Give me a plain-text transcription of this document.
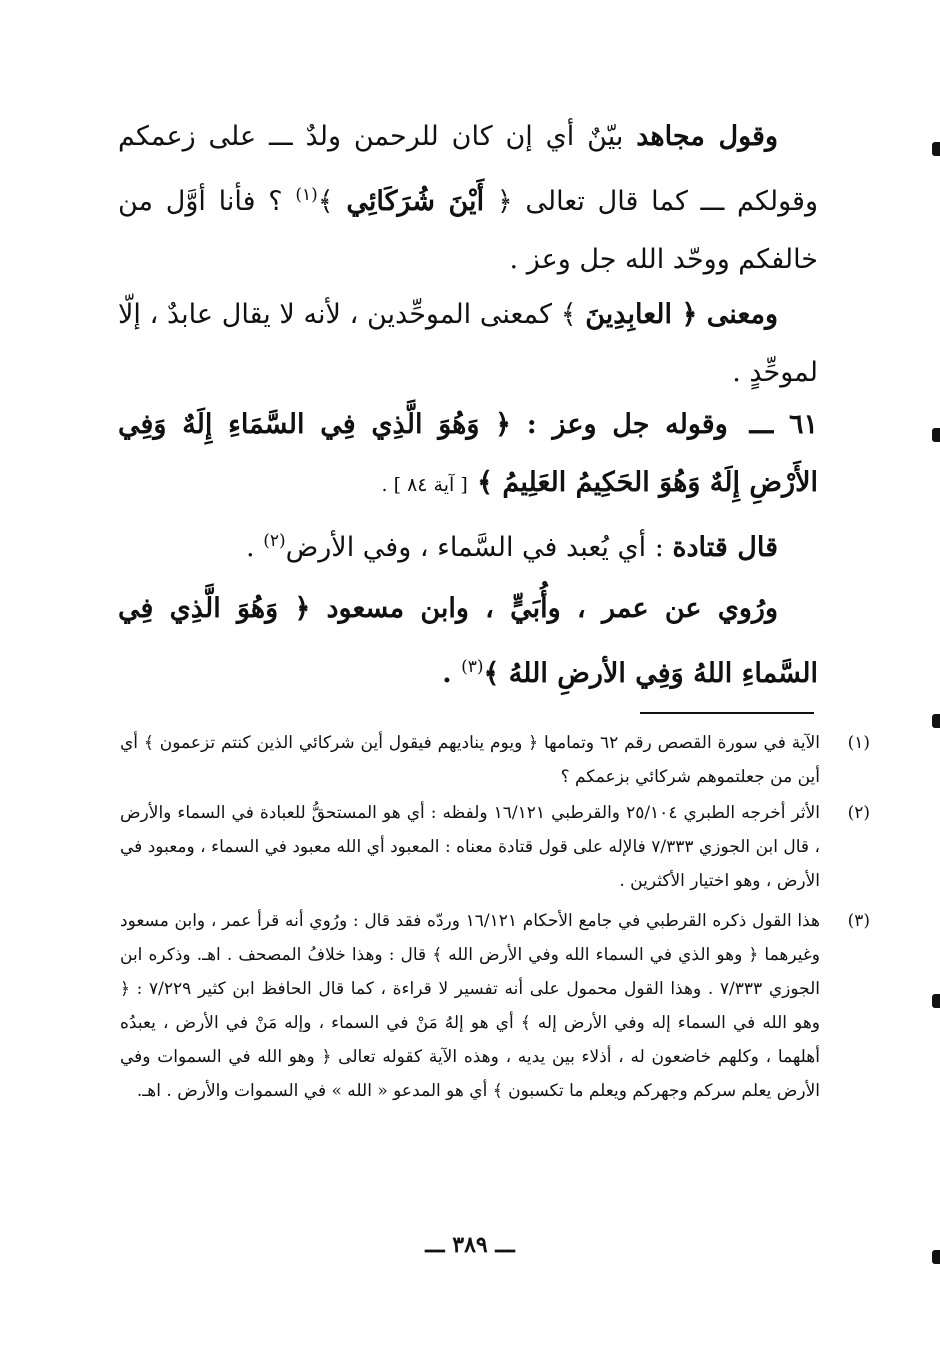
وقول مجاهد بيّنٌ أي إن كان للرحمن ولدٌ ـــ على زعمكم وقولكم ـــ كما قال تعالى ﴿ أَيْنَ شُرَكَائِي ﴾$^{(١)}$ ؟ فأنا أوَّل من خالفكم ووحّد الله جل وعز .
ومعنى ﴿ العابِدِينَ ﴾ كمعنى الموحِّدين ، لأنه لا يقال عابدٌ ، إلّا لموحِّدٍ .
٦١ ـــ وقوله جل وعز : ﴿ وَهُوَ الَّذِي فِي السَّمَاءِ إِلَهٌ وَفِي الأَرْضِ إِلَهٌ وَهُوَ الحَكِيمُ العَلِيمُ ﴾ [ آية ٨٤ ] .
قال قتادة : أي يُعبد في السَّماء ، وفي الأرض$^{(٢)}$ .
ورُوي عن عمر ، وأُبَيٍّ ، وابن مسعود ﴿ وَهُوَ الَّذِي فِي السَّماءِ اللهُ وَفِي الأرضِ اللهُ ﴾$^{(٣)}$ .
(١)
الآية في سورة القصص رقم ٦٢ وتمامها ﴿ ويوم يناديهم فيقول أين شركائي الذين كنتم تزعمون ﴾ أي أين من جعلتموهم شركائي بزعمكم ؟
(٢)
الأثر أخرجه الطبري ٢٥/١٠٤ والقرطبي ١٦/١٢١ ولفظه : أي هو المستحقُّ للعبادة في السماء والأرض ، قال ابن الجوزي ٧/٣٣٣ فالإله على قول قتادة معناه : المعبود أي الله معبود في السماء ، ومعبود في الأرض ، وهو اختيار الأكثرين .
(٣)
هذا القول ذكره القرطبي في جامع الأحكام ١٦/١٢١ وردّه فقد قال : ورُوي أنه قرأ عمر ، وابن مسعود وغيرهما ﴿ وهو الذي في السماء الله وفي الأرض الله ﴾ قال : وهذا خلافُ المصحف . اهـ. وذكره ابن الجوزي ٧/٣٣٣ . وهذا القول محمول على أنه تفسير لا قراءة ، كما قال الحافظ ابن كثير ٧/٢٢٩ : ﴿ وهو الله في السماء إله وفي الأرض إله ﴾ أي هو إلهُ مَنْ في السماء ، وإله مَنْ في الأرض ، يعبدُه أهلهما ، وكلهم خاضعون له ، أذلاء بين يديه ، وهذه الآية كقوله تعالى ﴿ وهو الله في السموات وفي الأرض يعلم سركم وجهركم ويعلم ما تكسبون ﴾ أي هو المدعو « الله » في السموات والأرض . اهـ.
ـــ ٣٨٩ ـــ
